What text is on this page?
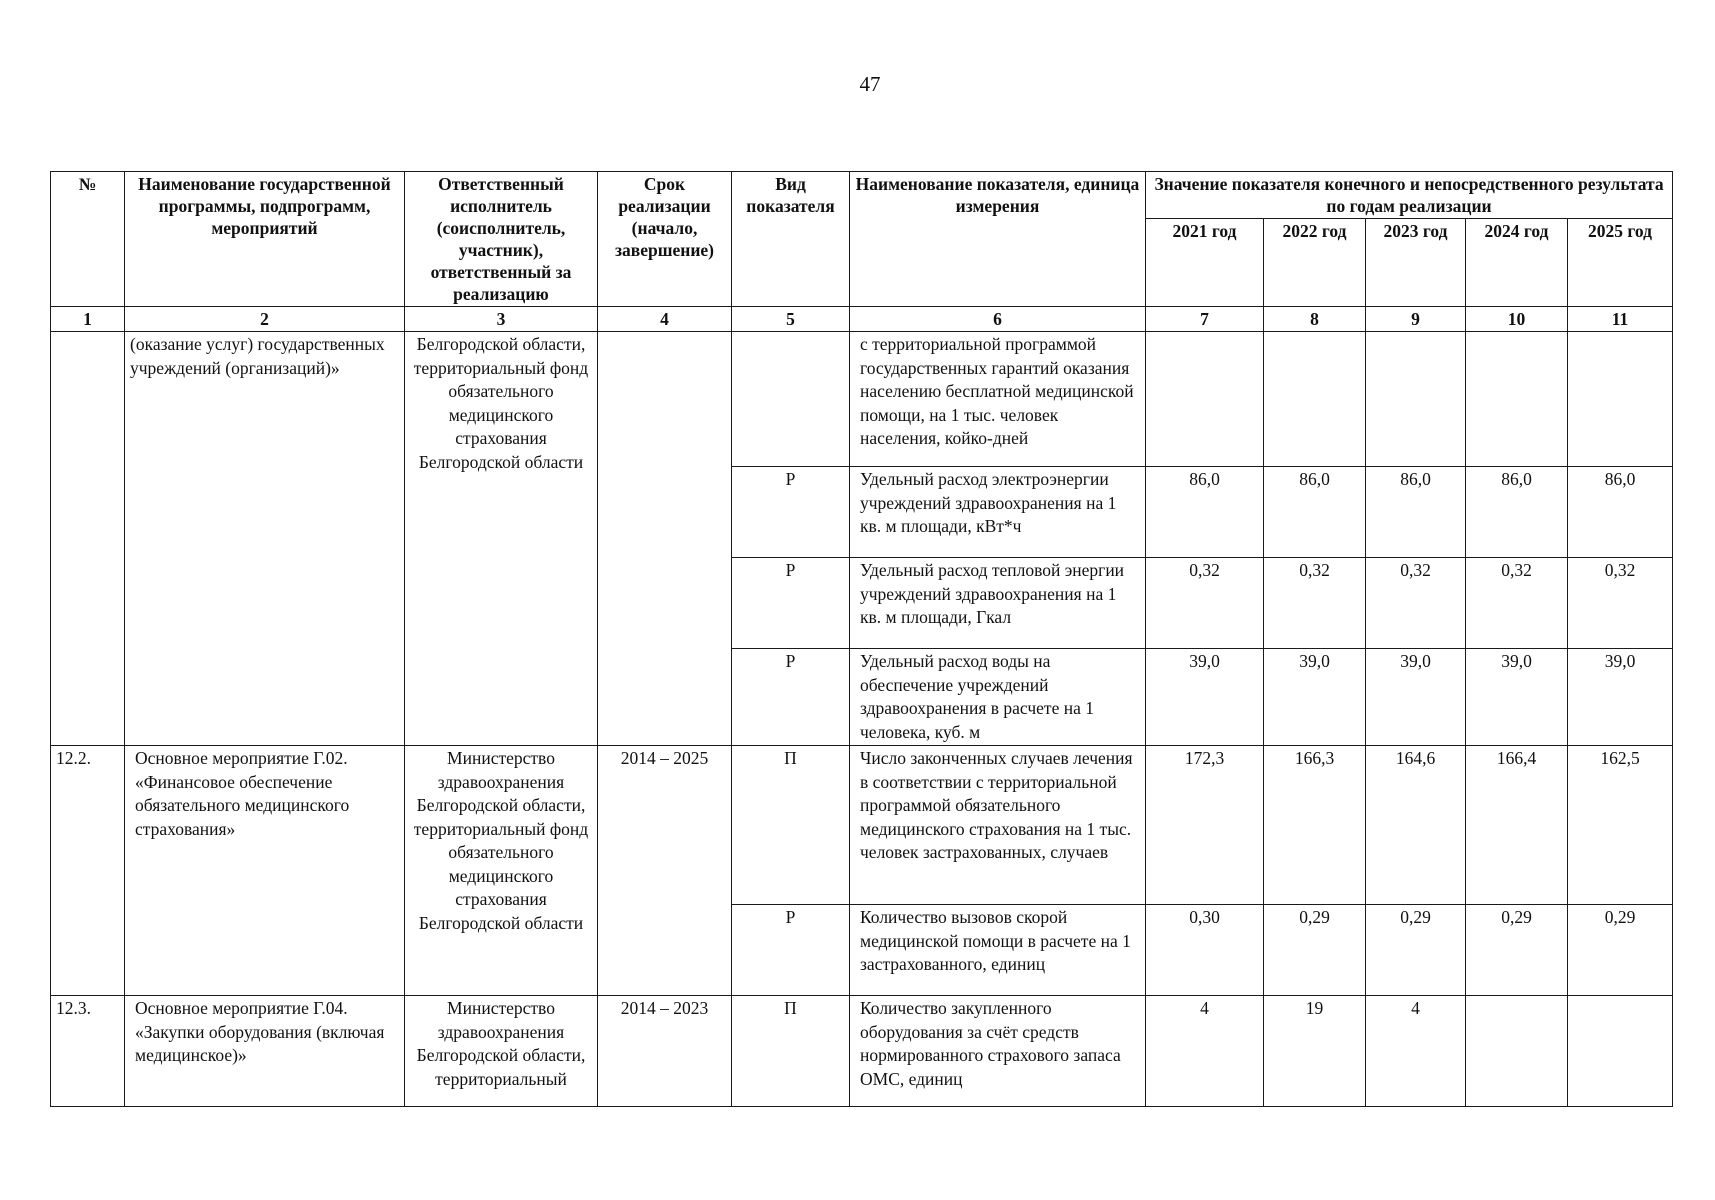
47
№	Наименование государственной программы, подпрограмм, мероприятий	Ответственный исполнитель (соисполнитель, участник), ответственный за реализацию	Срок реализации (начало, завершение)	Вид показателя	Наименование показателя, единица измерения	Значение показателя конечного и непосредственного результата по годам реализации				
						2021 год	2022 год	2023 год	2024 год	2025 год
1	2	3	4	5	6	7	8	9	10	11
	(оказание услуг) государственных учреждений (организаций)»	Белгородской области, территориальный фонд обязательного медицинского страхования Белгородской области			с территориальной программой государственных гарантий оказания населению бесплатной медицинской помощи, на 1 тыс. человек населения, койко-дней					
				Р	Удельный расход электроэнергии учреждений здравоохранения на 1 кв. м площади, кВт*ч	86,0	86,0	86,0	86,0	86,0
				Р	Удельный расход тепловой энергии учреждений здравоохранения на 1 кв. м площади, Гкал	0,32	0,32	0,32	0,32	0,32
				Р	Удельный расход воды на обеспечение учреждений здравоохранения в расчете на 1 человека, куб. м	39,0	39,0	39,0	39,0	39,0
12.2.	Основное мероприятие Г.02. «Финансовое обеспечение обязательного медицинского страхования»	Министерство здравоохранения Белгородской области, территориальный фонд обязательного медицинского страхования Белгородской области	2014 – 2025	П	Число законченных случаев лечения в соответствии с территориальной программой обязательного медицинского страхования на 1 тыс. человек застрахованных, случаев	172,3	166,3	164,6	166,4	162,5
				Р	Количество вызовов скорой медицинской помощи в расчете на 1 застрахованного, единиц	0,30	0,29	0,29	0,29	0,29
12.3.	Основное мероприятие Г.04. «Закупки оборудования (включая медицинское)»	Министерство здравоохранения Белгородской области, территориальный	2014 – 2023	П	Количество закупленного оборудования за счёт средств нормированного страхового запаса ОМС, единиц	4	19	4		
